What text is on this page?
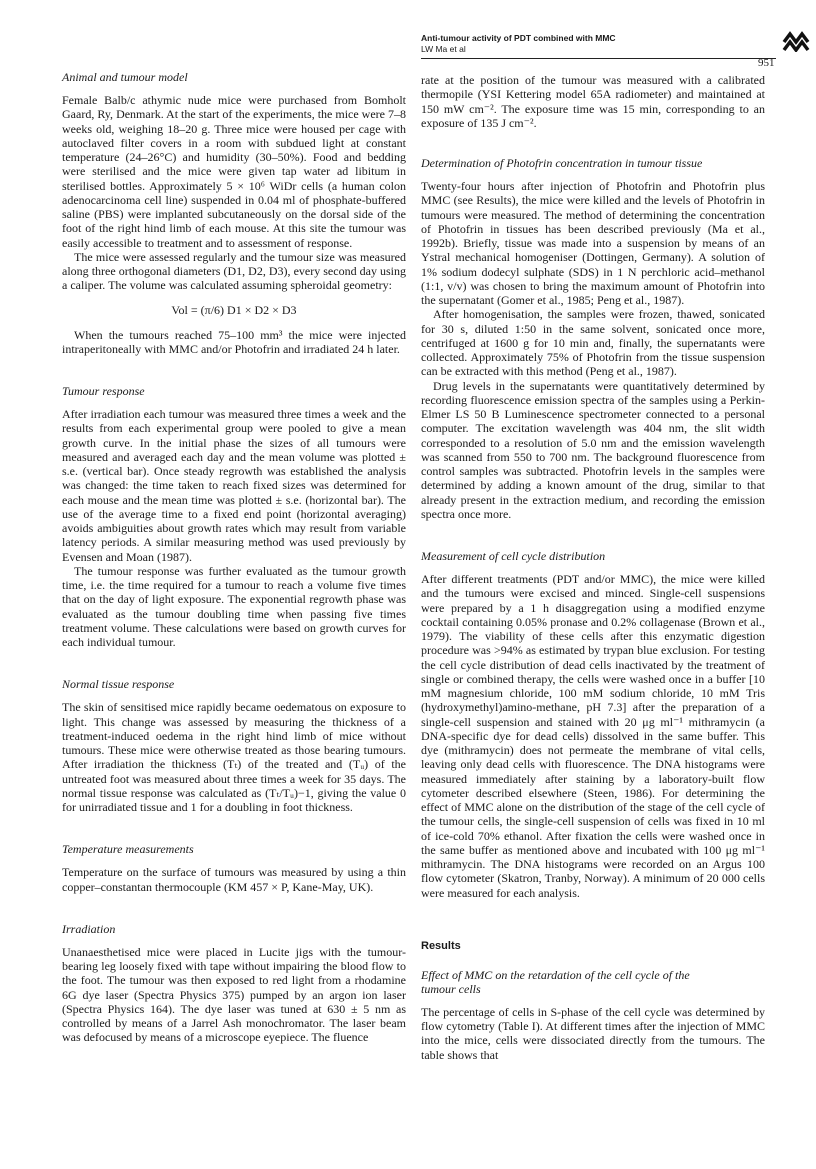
Anti-tumour activity of PDT combined with MMC
LW Ma et al
951
Animal and tumour model

Female Balb/c athymic nude mice were purchased from Bomholt Gaard, Ry, Denmark. At the start of the experiments, the mice were 7–8 weeks old, weighing 18–20 g. Three mice were housed per cage with autoclaved filter covers in a room with subdued light at constant temperature (24–26°C) and humidity (30–50%). Food and bedding were sterilised and the mice were given tap water ad libitum in sterilised bottles. Approximately 5 × 10⁶ WiDr cells (a human colon adenocarcinoma cell line) suspended in 0.04 ml of phosphate-buffered saline (PBS) were implanted subcutaneously on the dorsal side of the foot of the right hind limb of each mouse. At this site the tumour was easily accessible to treatment and to assessment of response.

The mice were assessed regularly and the tumour size was measured along three orthogonal diameters (D1, D2, D3), every second day using a caliper. The volume was calculated assuming spheroidal geometry:

Vol = (π/6) D1 × D2 × D3

When the tumours reached 75–100 mm³ the mice were injected intraperitoneally with MMC and/or Photofrin and irradiated 24 h later.

Tumour response

After irradiation each tumour was measured three times a week and the results from each experimental group were pooled to give a mean growth curve. In the initial phase the sizes of all tumours were measured and averaged each day and the mean volume was plotted ± s.e. (vertical bar). Once steady regrowth was established the analysis was changed: the time taken to reach fixed sizes was determined for each mouse and the mean time was plotted ± s.e. (horizontal bar). The use of the average time to a fixed end point (horizontal averaging) avoids ambiguities about growth rates which may result from variable latency periods. A similar measuring method was used previously by Evensen and Moan (1987).

The tumour response was further evaluated as the tumour growth time, i.e. the time required for a tumour to reach a volume five times that on the day of light exposure. The exponential regrowth phase was evaluated as the tumour doubling time when passing five times treatment volume. These calculations were based on growth curves for each individual tumour.

Normal tissue response

The skin of sensitised mice rapidly became oedematous on exposure to light. This change was assessed by measuring the thickness of a treatment-induced oedema in the right hind limb of mice without tumours. These mice were otherwise treated as those bearing tumours. After irradiation the thickness (Tₜ) of the treated and (Tᵤ) of the untreated foot was measured about three times a week for 35 days. The normal tissue response was calculated as (Tₜ/Tᵤ)−1, giving the value 0 for unirradiated tissue and 1 for a doubling in foot thickness.

Temperature measurements

Temperature on the surface of tumours was measured by using a thin copper–constantan thermocouple (KM 457 × P, Kane-May, UK).

Irradiation

Unanaesthetised mice were placed in Lucite jigs with the tumour-bearing leg loosely fixed with tape without impairing the blood flow to the foot. The tumour was then exposed to red light from a rhodamine 6G dye laser (Spectra Physics 375) pumped by an argon ion laser (Spectra Physics 164). The dye laser was tuned at 630 ± 5 nm as controlled by means of a Jarrel Ash monochromator. The laser beam was defocused by means of a microscope eyepiece. The fluence

rate at the position of the tumour was measured with a calibrated thermopile (YSI Kettering model 65A radiometer) and maintained at 150 mW cm⁻². The exposure time was 15 min, corresponding to an exposure of 135 J cm⁻².

Determination of Photofrin concentration in tumour tissue

Twenty-four hours after injection of Photofrin and Photofrin plus MMC (see Results), the mice were killed and the levels of Photofrin in tumours were measured. The method of determining the concentration of Photofrin in tissues has been described previously (Ma et al., 1992b). Briefly, tissue was made into a suspension by means of an Ystral mechanical homogeniser (Dottingen, Germany). A solution of 1% sodium dodecyl sulphate (SDS) in 1 N perchloric acid–methanol (1:1, v/v) was chosen to bring the maximum amount of Photofrin into the supernatant (Gomer et al., 1985; Peng et al., 1987).

After homogenisation, the samples were frozen, thawed, sonicated for 30 s, diluted 1:50 in the same solvent, sonicated once more, centrifuged at 1600 g for 10 min and, finally, the supernatants were collected. Approximately 75% of Photofrin from the tissue suspension can be extracted with this method (Peng et al., 1987).

Drug levels in the supernatants were quantitatively determined by recording fluorescence emission spectra of the samples using a Perkin-Elmer LS 50 B Luminescence spectrometer connected to a personal computer. The excitation wavelength was 404 nm, the slit width corresponded to a resolution of 5.0 nm and the emission wavelength was scanned from 550 to 700 nm. The background fluorescence from control samples was subtracted. Photofrin levels in the samples were determined by adding a known amount of the drug, similar to that already present in the extraction medium, and recording the emission spectra once more.

Measurement of cell cycle distribution

After different treatments (PDT and/or MMC), the mice were killed and the tumours were excised and minced. Single-cell suspensions were prepared by a 1 h disaggregation using a modified enzyme cocktail containing 0.05% pronase and 0.2% collagenase (Brown et al., 1979). The viability of these cells after this enzymatic digestion procedure was >94% as estimated by trypan blue exclusion. For testing the cell cycle distribution of dead cells inactivated by the treatment of single or combined therapy, the cells were washed once in a buffer [10 mM magnesium chloride, 100 mM sodium chloride, 10 mM Tris (hydroxymethyl)amino-methane, pH 7.3] after the preparation of a single-cell suspension and stained with 20 μg ml⁻¹ mithramycin (a DNA-specific dye for dead cells) dissolved in the same buffer. This dye (mithramycin) does not permeate the membrane of vital cells, leaving only dead cells with fluorescence. The DNA histograms were measured immediately after staining by a laboratory-built flow cytometer described elsewhere (Steen, 1986). For determining the effect of MMC alone on the distribution of the stage of the cell cycle of the tumour cells, the single-cell suspension of cells was fixed in 10 ml of ice-cold 70% ethanol. After fixation the cells were washed once in the same buffer as mentioned above and incubated with 100 μg ml⁻¹ mithramycin. The DNA histograms were recorded on an Argus 100 flow cytometer (Skatron, Tranby, Norway). A minimum of 20 000 cells were measured for each analysis.

Results
Effect of MMC on the retardation of the cell cycle of the tumour cells

The percentage of cells in S-phase of the cell cycle was determined by flow cytometry (Table I). At different times after the injection of MMC into the mice, cells were dissociated directly from the tumours. The table shows that
